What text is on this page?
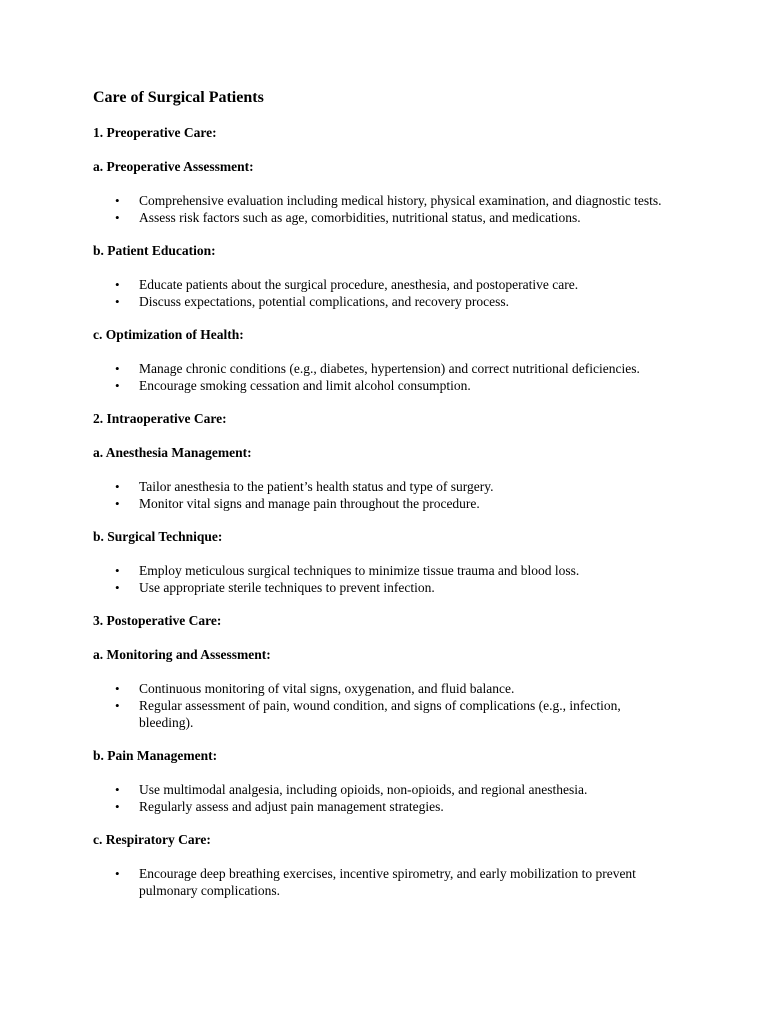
Care of Surgical Patients
1. Preoperative Care:
a. Preoperative Assessment:
• Comprehensive evaluation including medical history, physical examination, and diagnostic tests.
• Assess risk factors such as age, comorbidities, nutritional status, and medications.
b. Patient Education:
• Educate patients about the surgical procedure, anesthesia, and postoperative care.
• Discuss expectations, potential complications, and recovery process.
c. Optimization of Health:
• Manage chronic conditions (e.g., diabetes, hypertension) and correct nutritional deficiencies.
• Encourage smoking cessation and limit alcohol consumption.
2. Intraoperative Care:
a. Anesthesia Management:
• Tailor anesthesia to the patient’s health status and type of surgery.
• Monitor vital signs and manage pain throughout the procedure.
b. Surgical Technique:
• Employ meticulous surgical techniques to minimize tissue trauma and blood loss.
• Use appropriate sterile techniques to prevent infection.
3. Postoperative Care:
a. Monitoring and Assessment:
• Continuous monitoring of vital signs, oxygenation, and fluid balance.
• Regular assessment of pain, wound condition, and signs of complications (e.g., infection, bleeding).
b. Pain Management:
• Use multimodal analgesia, including opioids, non-opioids, and regional anesthesia.
• Regularly assess and adjust pain management strategies.
c. Respiratory Care:
• Encourage deep breathing exercises, incentive spirometry, and early mobilization to prevent pulmonary complications.
